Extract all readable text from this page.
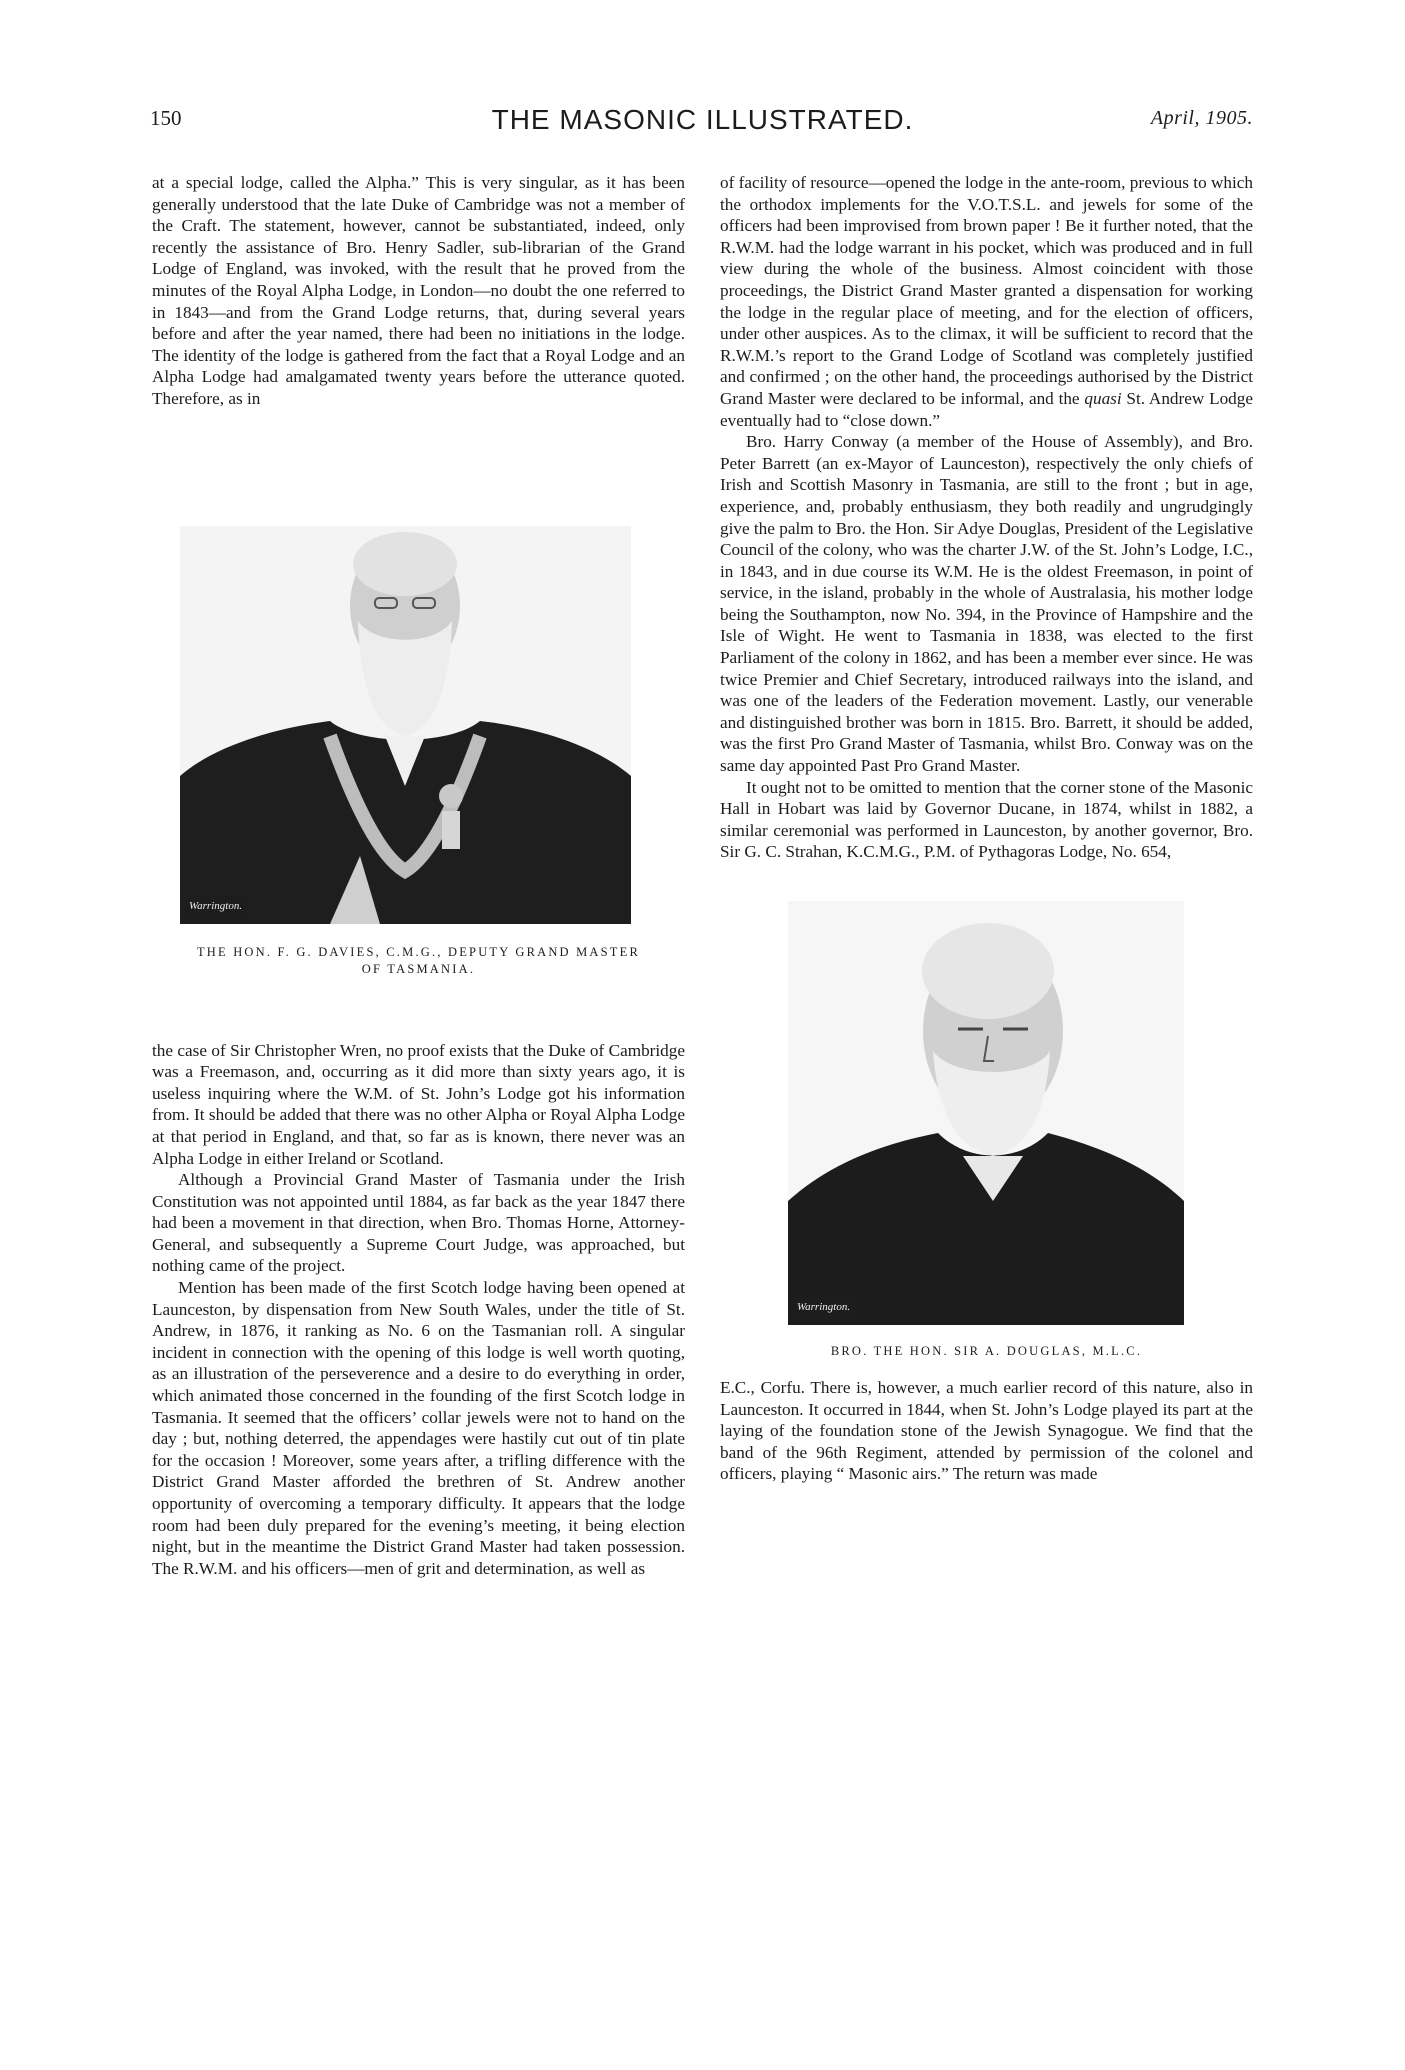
150	THE MASONIC ILLUSTRATED.	April, 1905.

at a special lodge, called the Alpha.” This is very singular, as it has been generally understood that the late Duke of Cambridge was not a member of the Craft. The statement, however, cannot be substantiated, indeed, only recently the assistance of Bro. Henry Sadler, sub-librarian of the Grand Lodge of England, was invoked, with the result that he proved from the minutes of the Royal Alpha Lodge, in London—no doubt the one referred to in 1843—and from the Grand Lodge returns, that, during several years before and after the year named, there had been no initiations in the lodge. The identity of the lodge is gathered from the fact that a Royal Lodge and an Alpha Lodge had amalgamated twenty years before the utterance quoted. Therefore, as in

Warrington.
THE HON. F. G. DAVIES, C.M.G., DEPUTY GRAND MASTER
OF TASMANIA.

the case of Sir Christopher Wren, no proof exists that the Duke of Cambridge was a Freemason, and, occurring as it did more than sixty years ago, it is useless inquiring where the W.M. of St. John’s Lodge got his information from. It should be added that there was no other Alpha or Royal Alpha Lodge at that period in England, and that, so far as is known, there never was an Alpha Lodge in either Ireland or Scotland.

Although a Provincial Grand Master of Tasmania under the Irish Constitution was not appointed until 1884, as far back as the year 1847 there had been a movement in that direction, when Bro. Thomas Horne, Attorney-General, and subsequently a Supreme Court Judge, was approached, but nothing came of the project.

Mention has been made of the first Scotch lodge having been opened at Launceston, by dispensation from New South Wales, under the title of St. Andrew, in 1876, it ranking as No. 6 on the Tasmanian roll. A singular incident in connection with the opening of this lodge is well worth quoting, as an illustration of the perseverence and a desire to do everything in order, which animated those concerned in the founding of the first Scotch lodge in Tasmania. It seemed that the officers’ collar jewels were not to hand on the day ; but, nothing deterred, the appendages were hastily cut out of tin plate for the occasion ! Moreover, some years after, a trifling difference with the District Grand Master afforded the brethren of St. Andrew another opportunity of overcoming a temporary difficulty. It appears that the lodge room had been duly prepared for the evening’s meeting, it being election night, but in the meantime the District Grand Master had taken possession. The R.W.M. and his officers—men of grit and determination, as well as

of facility of resource—opened the lodge in the ante-room, previous to which the orthodox implements for the V.O.T.S.L. and jewels for some of the officers had been improvised from brown paper ! Be it further noted, that the R.W.M. had the lodge warrant in his pocket, which was produced and in full view during the whole of the business. Almost coincident with those proceedings, the District Grand Master granted a dispensation for working the lodge in the regular place of meeting, and for the election of officers, under other auspices. As to the climax, it will be sufficient to record that the R.W.M.’s report to the Grand Lodge of Scotland was completely justified and confirmed ; on the other hand, the proceedings authorised by the District Grand Master were declared to be informal, and the quasi St. Andrew Lodge eventually had to “close down.”

Bro. Harry Conway (a member of the House of Assembly), and Bro. Peter Barrett (an ex-Mayor of Launceston), respectively the only chiefs of Irish and Scottish Masonry in Tasmania, are still to the front ; but in age, experience, and, probably enthusiasm, they both readily and ungrudgingly give the palm to Bro. the Hon. Sir Adye Douglas, President of the Legislative Council of the colony, who was the charter J.W. of the St. John’s Lodge, I.C., in 1843, and in due course its W.M. He is the oldest Freemason, in point of service, in the island, probably in the whole of Australasia, his mother lodge being the Southampton, now No. 394, in the Province of Hampshire and the Isle of Wight. He went to Tasmania in 1838, was elected to the first Parliament of the colony in 1862, and has been a member ever since. He was twice Premier and Chief Secretary, introduced railways into the island, and was one of the leaders of the Federation movement. Lastly, our venerable and distinguished brother was born in 1815. Bro. Barrett, it should be added, was the first Pro Grand Master of Tasmania, whilst Bro. Conway was on the same day appointed Past Pro Grand Master.

It ought not to be omitted to mention that the corner stone of the Masonic Hall in Hobart was laid by Governor Ducane, in 1874, whilst in 1882, a similar ceremonial was performed in Launceston, by another governor, Bro. Sir G. C. Strahan, K.C.M.G., P.M. of Pythagoras Lodge, No. 654,

Warrington.
BRO. THE HON. SIR A. DOUGLAS, M.L.C.

E.C., Corfu. There is, however, a much earlier record of this nature, also in Launceston. It occurred in 1844, when St. John’s Lodge played its part at the laying of the foundation stone of the Jewish Synagogue. We find that the band of the 96th Regiment, attended by permission of the colonel and officers, playing “ Masonic airs.” The return was made
